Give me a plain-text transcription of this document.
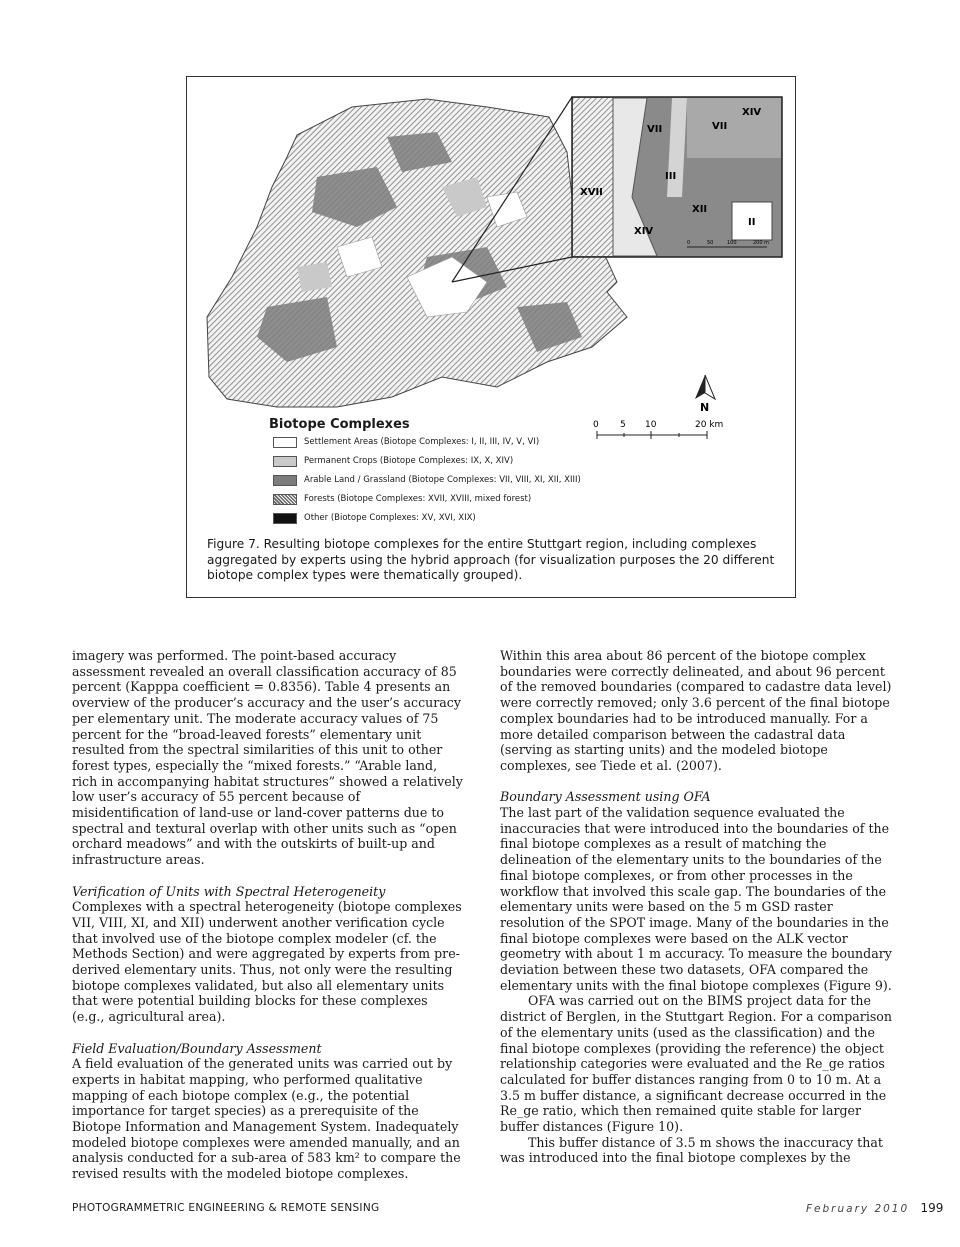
XIV
VII	VII
III
XVII
XII
II
XIV
0	50	100	200 m
N
0 5 10	20 km
Biotope Complexes
Settlement Areas (Biotope Complexes: I, II, III, IV, V, VI)
Permanent Crops (Biotope Complexes: IX, X, XIV)
Arable Land / Grassland (Biotope Complexes: VII, VIII, XI, XII, XIII)
Forests (Biotope Complexes: XVII, XVIII, mixed forest)
Other (Biotope Complexes: XV, XVI, XIX)
Figure 7. Resulting biotope complexes for the entire Stuttgart region, including complexes aggregated by experts using the hybrid approach (for visualization purposes the 20 different biotope complex types were thematically grouped).

imagery was performed. The point-based accuracy assessment revealed an overall classification accuracy of 85 percent (Kapppa coefficient = 0.8356). Table 4 presents an overview of the producer’s accuracy and the user’s accuracy per elementary unit. The moderate accuracy values of 75 percent for the “broad-leaved forests” elementary unit resulted from the spectral similarities of this unit to other forest types, especially the “mixed forests.” “Arable land, rich in accompanying habitat structures” showed a relatively low user’s accuracy of 55 percent because of misidentification of land-use or land-cover patterns due to spectral and textural overlap with other units such as “open orchard meadows” and with the outskirts of built-up and infrastructure areas.

Verification of Units with Spectral Heterogeneity

Complexes with a spectral heterogeneity (biotope complexes VII, VIII, XI, and XII) underwent another verification cycle that involved use of the biotope complex modeler (cf. the Methods Section) and were aggregated by experts from pre-derived elementary units. Thus, not only were the resulting biotope complexes validated, but also all elementary units that were potential building blocks for these complexes (e.g., agricultural area).

Field Evaluation/Boundary Assessment

A field evaluation of the generated units was carried out by experts in habitat mapping, who performed qualitative mapping of each biotope complex (e.g., the potential importance for target species) as a prerequisite of the Biotope Information and Management System. Inadequately modeled biotope complexes were amended manually, and an analysis conducted for a sub-area of 583 km² to compare the revised results with the modeled biotope complexes.

Within this area about 86 percent of the biotope complex boundaries were correctly delineated, and about 96 percent of the removed boundaries (compared to cadastre data level) were correctly removed; only 3.6 percent of the final biotope complex boundaries had to be introduced manually. For a more detailed comparison between the cadastral data (serving as starting units) and the modeled biotope complexes, see Tiede et al. (2007).

Boundary Assessment using OFA

The last part of the validation sequence evaluated the inaccuracies that were introduced into the boundaries of the final biotope complexes as a result of matching the delineation of the elementary units to the boundaries of the final biotope complexes, or from other processes in the workflow that involved this scale gap. The boundaries of the elementary units were based on the 5 m GSD raster resolution of the SPOT image. Many of the boundaries in the final biotope complexes were based on the ALK vector geometry with about 1 m accuracy. To measure the boundary deviation between these two datasets, OFA compared the elementary units with the final biotope complexes (Figure 9).

OFA was carried out on the BIMS project data for the district of Berglen, in the Stuttgart Region. For a comparison of the elementary units (used as the classification) and the final biotope complexes (providing the reference) the object relationship categories were evaluated and the Re_ge ratios calculated for buffer distances ranging from 0 to 10 m. At a 3.5 m buffer distance, a significant decrease occurred in the Re_ge ratio, which then remained quite stable for larger buffer distances (Figure 10).

This buffer distance of 3.5 m shows the inaccuracy that was introduced into the final biotope complexes by the

PHOTOGRAMMETRIC ENGINEERING & REMOTE SENSING	February 2010 199
